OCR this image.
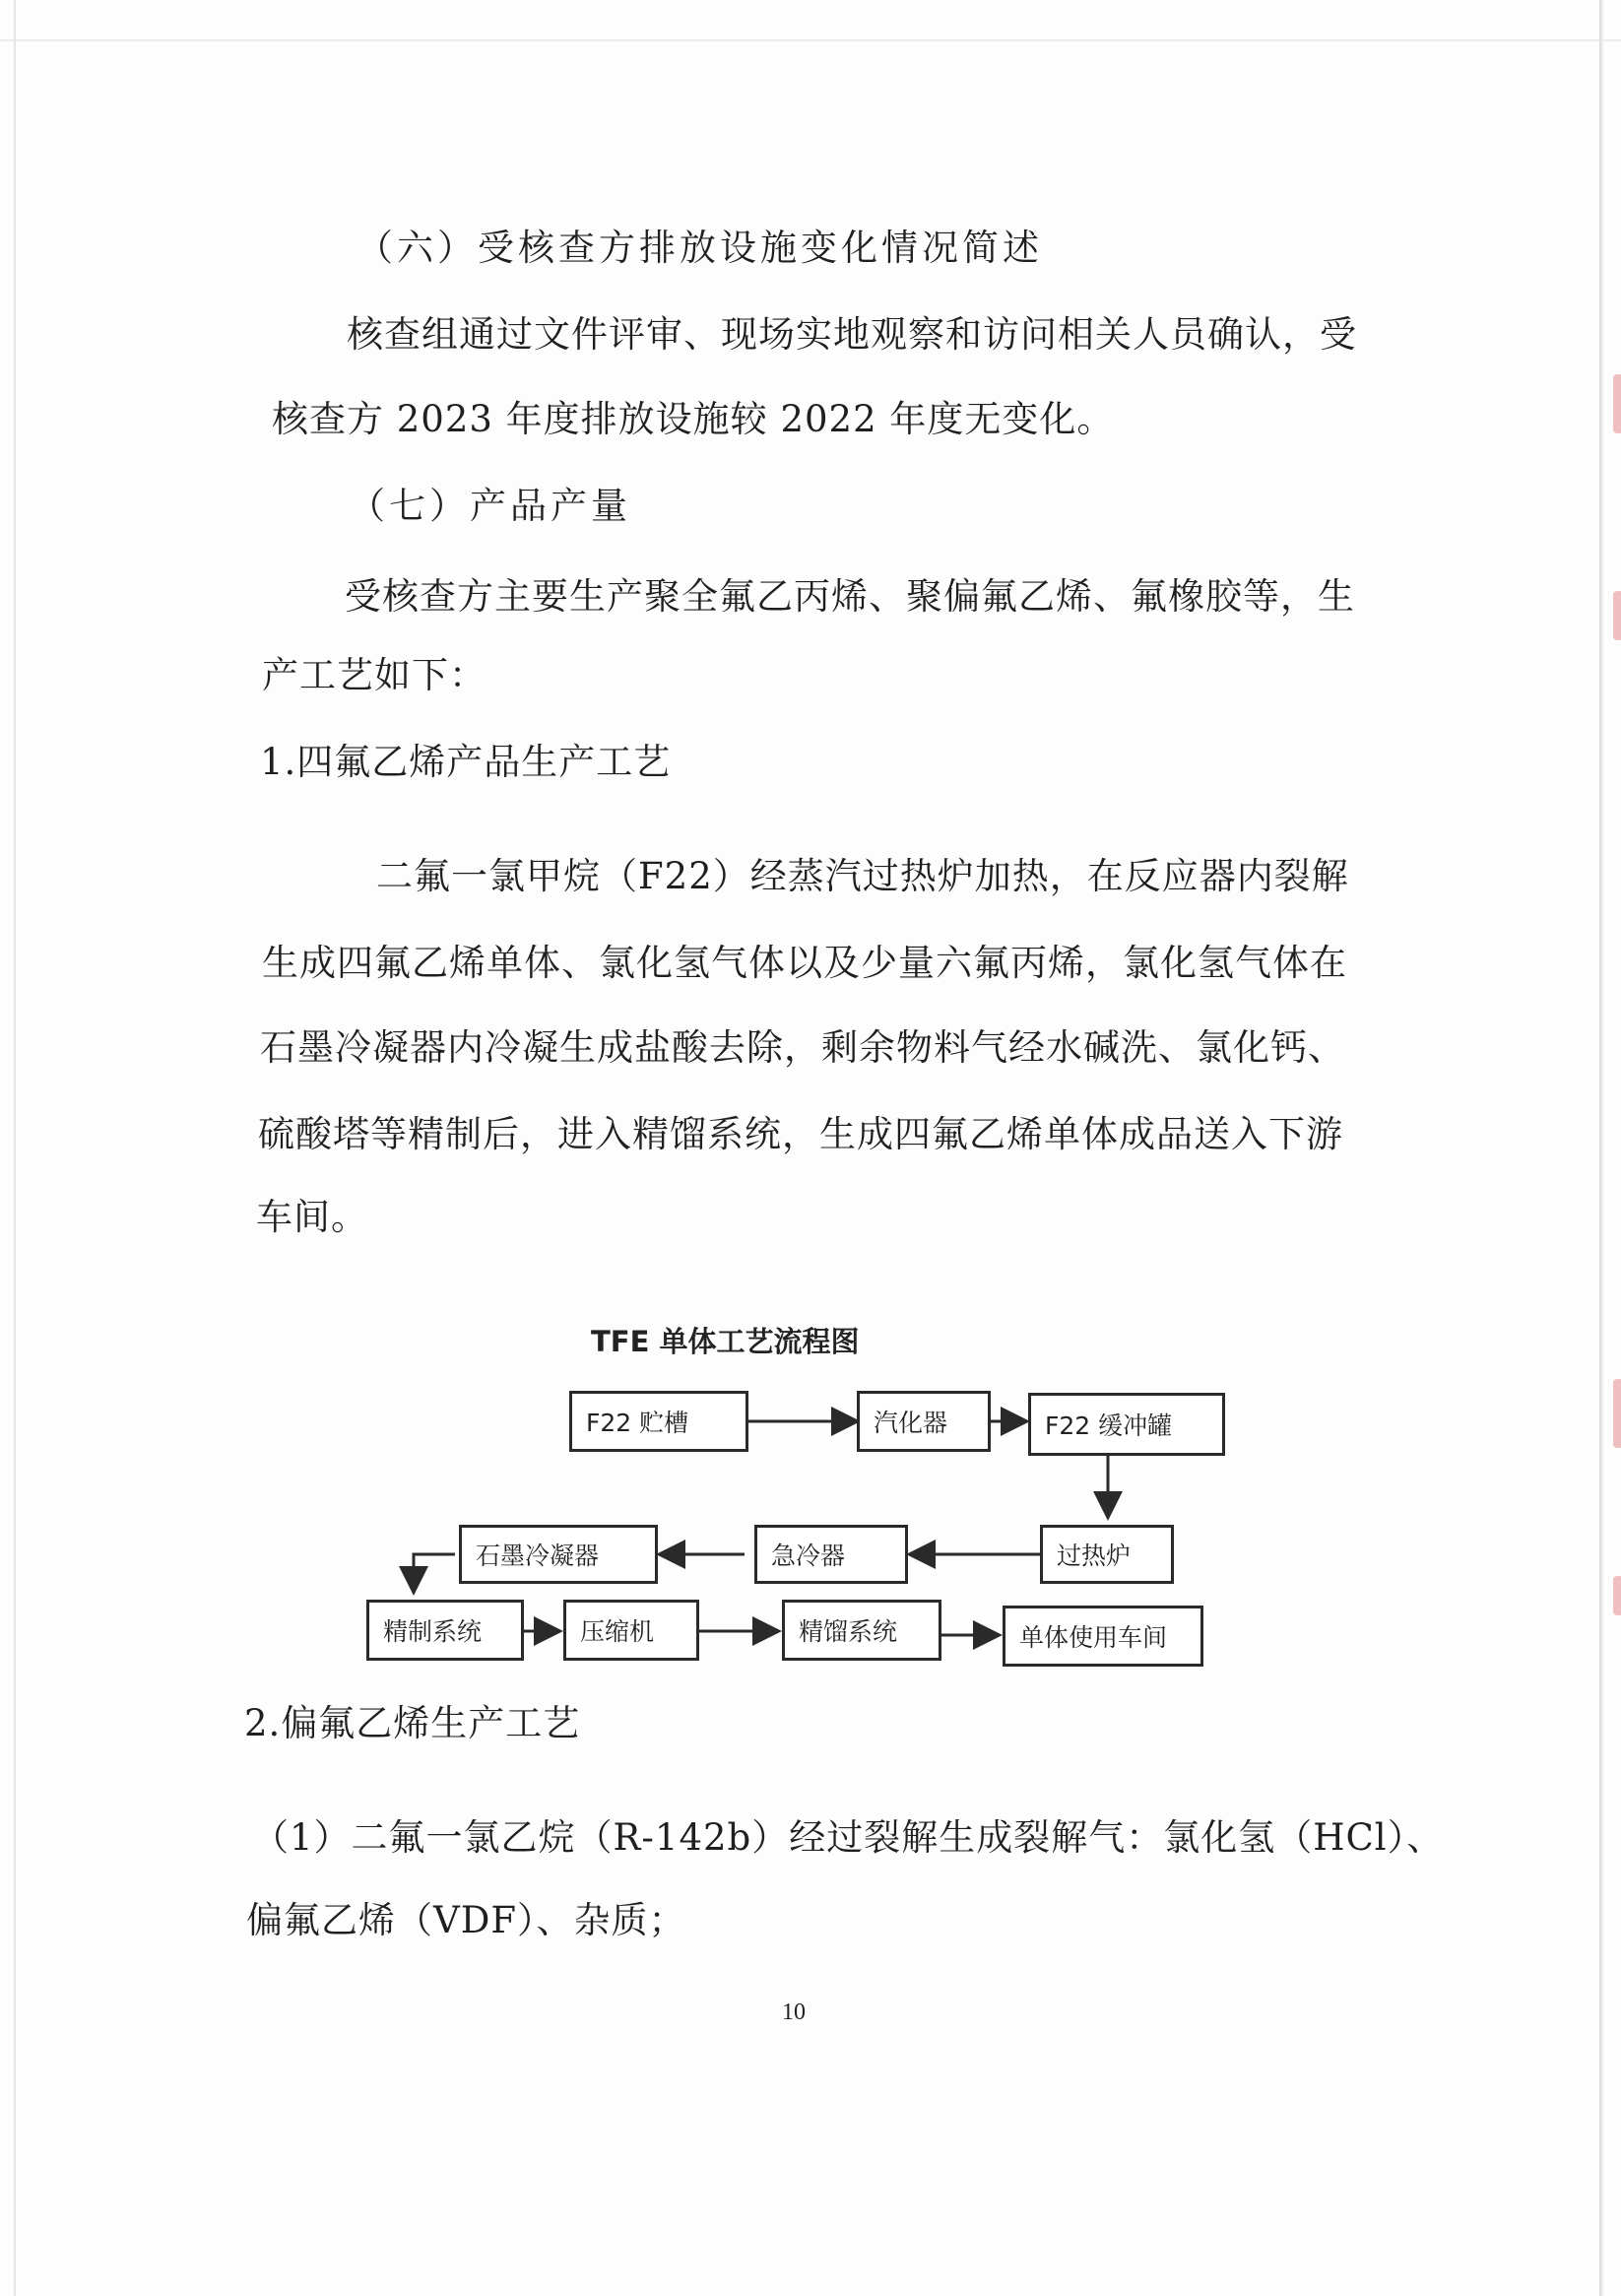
（六）受核查方排放设施变化情况简述
核查组通过文件评审、现场实地观察和访问相关人员确认，受
核查方 2023 年度排放设施较 2022 年度无变化。
（七）产品产量
受核查方主要生产聚全氟乙丙烯、聚偏氟乙烯、氟橡胶等，生
产工艺如下：
1.四氟乙烯产品生产工艺
二氟一氯甲烷（F22）经蒸汽过热炉加热，在反应器内裂解
生成四氟乙烯单体、氯化氢气体以及少量六氟丙烯，氯化氢气体在
石墨冷凝器内冷凝生成盐酸去除，剩余物料气经水碱洗、氯化钙、
硫酸塔等精制后，进入精馏系统，生成四氟乙烯单体成品送入下游
车间。
TFE 单体工艺流程图
F22 贮槽	汽化器	F22 缓冲罐
过热炉
急冷器
石墨冷凝器
精制系统	压缩机	精馏系统	单体使用车间
2.偏氟乙烯生产工艺
（1）二氟一氯乙烷（R-142b）经过裂解生成裂解气：氯化氢（HCl）、
偏氟乙烯（VDF）、杂质；
10
